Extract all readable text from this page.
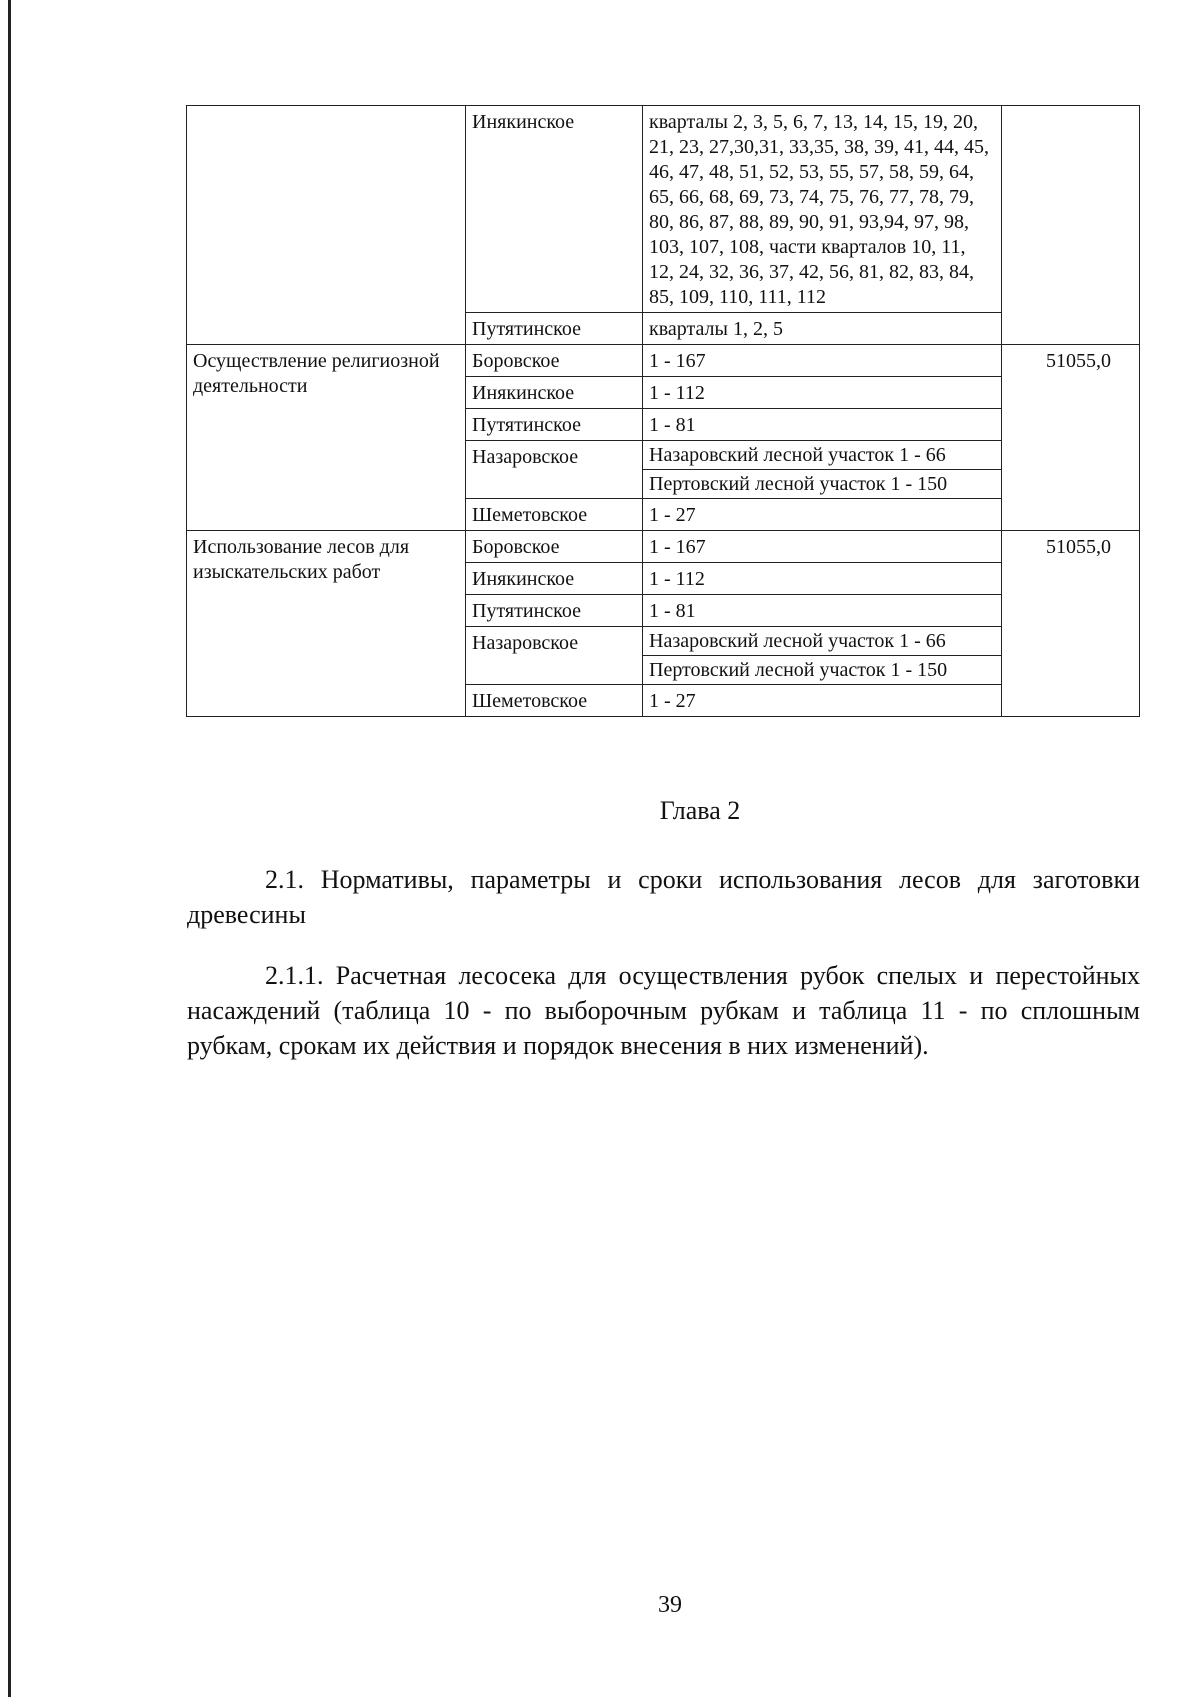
	Инякинское	кварталы 2, 3, 5, 6, 7, 13, 14, 15, 19, 20, 21, 23, 27,30,31, 33,35, 38, 39, 41, 44, 45, 46, 47, 48, 51, 52, 53, 55, 57, 58, 59, 64, 65, 66, 68, 69, 73, 74, 75, 76, 77, 78, 79, 80, 86, 87, 88, 89, 90, 91, 93,94, 97, 98, 103, 107, 108, части кварталов 10, 11, 12, 24, 32, 36, 37, 42, 56, 81, 82, 83, 84, 85, 109, 110, 111, 112	
	Путятинское	кварталы 1, 2, 5	
Осуществление религиозной деятельности	Боровское	1 - 167	51055,0
	Инякинское	1 - 112	
	Путятинское	1 - 81	
	Назаровское	Назаровский лесной участок 1 - 66	
		Пертовский лесной участок 1 - 150	
	Шеметовское	1 - 27	
Использование лесов для изыскательских работ	Боровское	1 - 167	51055,0
	Инякинское	1 - 112	
	Путятинское	1 - 81	
	Назаровское	Назаровский лесной участок 1 - 66	
		Пертовский лесной участок 1 - 150	
	Шеметовское	1 - 27	
Глава 2
2.1. Нормативы, параметры и сроки использования лесов для заготовки древесины
2.1.1. Расчетная лесосека для осуществления рубок спелых и перестойных насаждений (таблица 10 - по выборочным рубкам и таблица 11 - по сплошным рубкам, срокам их действия и порядок внесения в них изменений).
39
